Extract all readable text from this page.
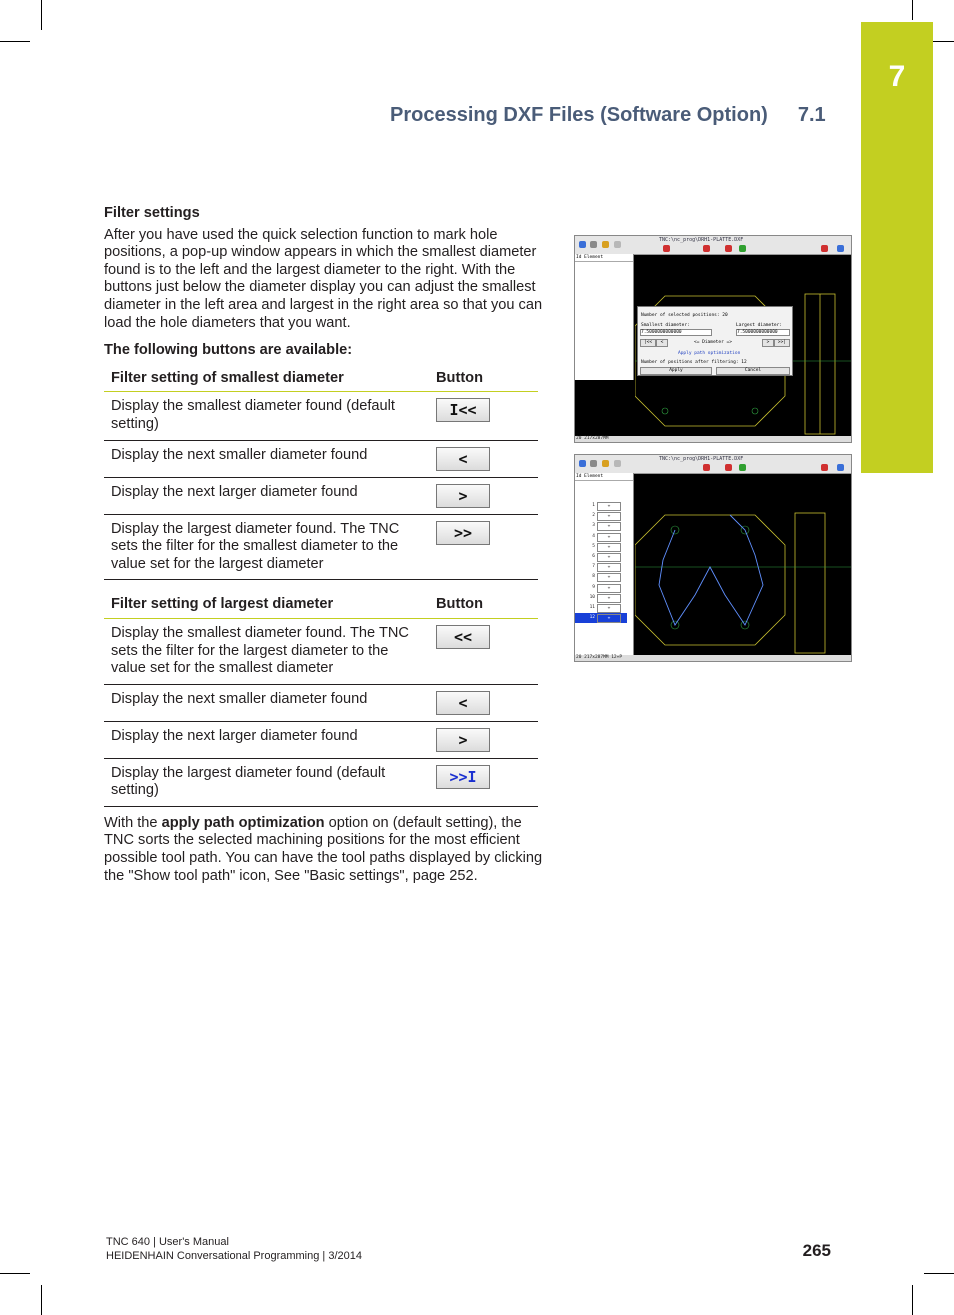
7
Processing DXF Files (Software Option) 7.1
Filter settings

After you have used the quick selection function to mark hole positions, a pop-up window appears in which the smallest diameter found is to the left and the largest diameter to the right. With the buttons just below the diameter display you can adjust the smallest diameter in the left area and largest in the right area so that you can load the hole diameters that you want.

The following buttons are available:
Filter setting of smallest diameter	Button
Display the smallest diameter found (default setting)	I<<

Display the next smaller diameter found	<

Display the next larger diameter found	>

Display the largest diameter found. The TNC sets the filter for the smallest diameter to the value set for the largest diameter	>>
Filter setting of largest diameter	Button
Display the smallest diameter found. The TNC sets the filter for the largest diameter to the value set for the smallest diameter	<<

Display the next smaller diameter found	<

Display the next larger diameter found	>

Display the largest diameter found (default setting)	>>I

With the apply path optimization option on (default setting), the TNC sorts the selected machining positions for the most efficient possible tool path. You can have the tool paths displayed by clicking the "Show tool path" icon, See "Basic settings", page 252.

TNC:\nc_prog\DRH1-PLATTE.DXF
Id Element
Number of selected positions: 20
Smallest diameter:	Largest diameter:
7.5000000000000	7.5000000000000
|<<	<	<= Diameter =>	>	>>|
Apply path optimization
Number of positions after filtering: 12
Apply	Cancel
20 217x287MM
TNC:\nc_prog\DRH1-PLATTE.DXF
Id Element
1	+
2	+
3	+
4	+
5	+
6	+
7	+
8	+
9	+
10	+
11	+
12	+
20 217x287MM 12+P
TNC 640 | User's Manual
HEIDENHAIN Conversational Programming | 3/2014	265
